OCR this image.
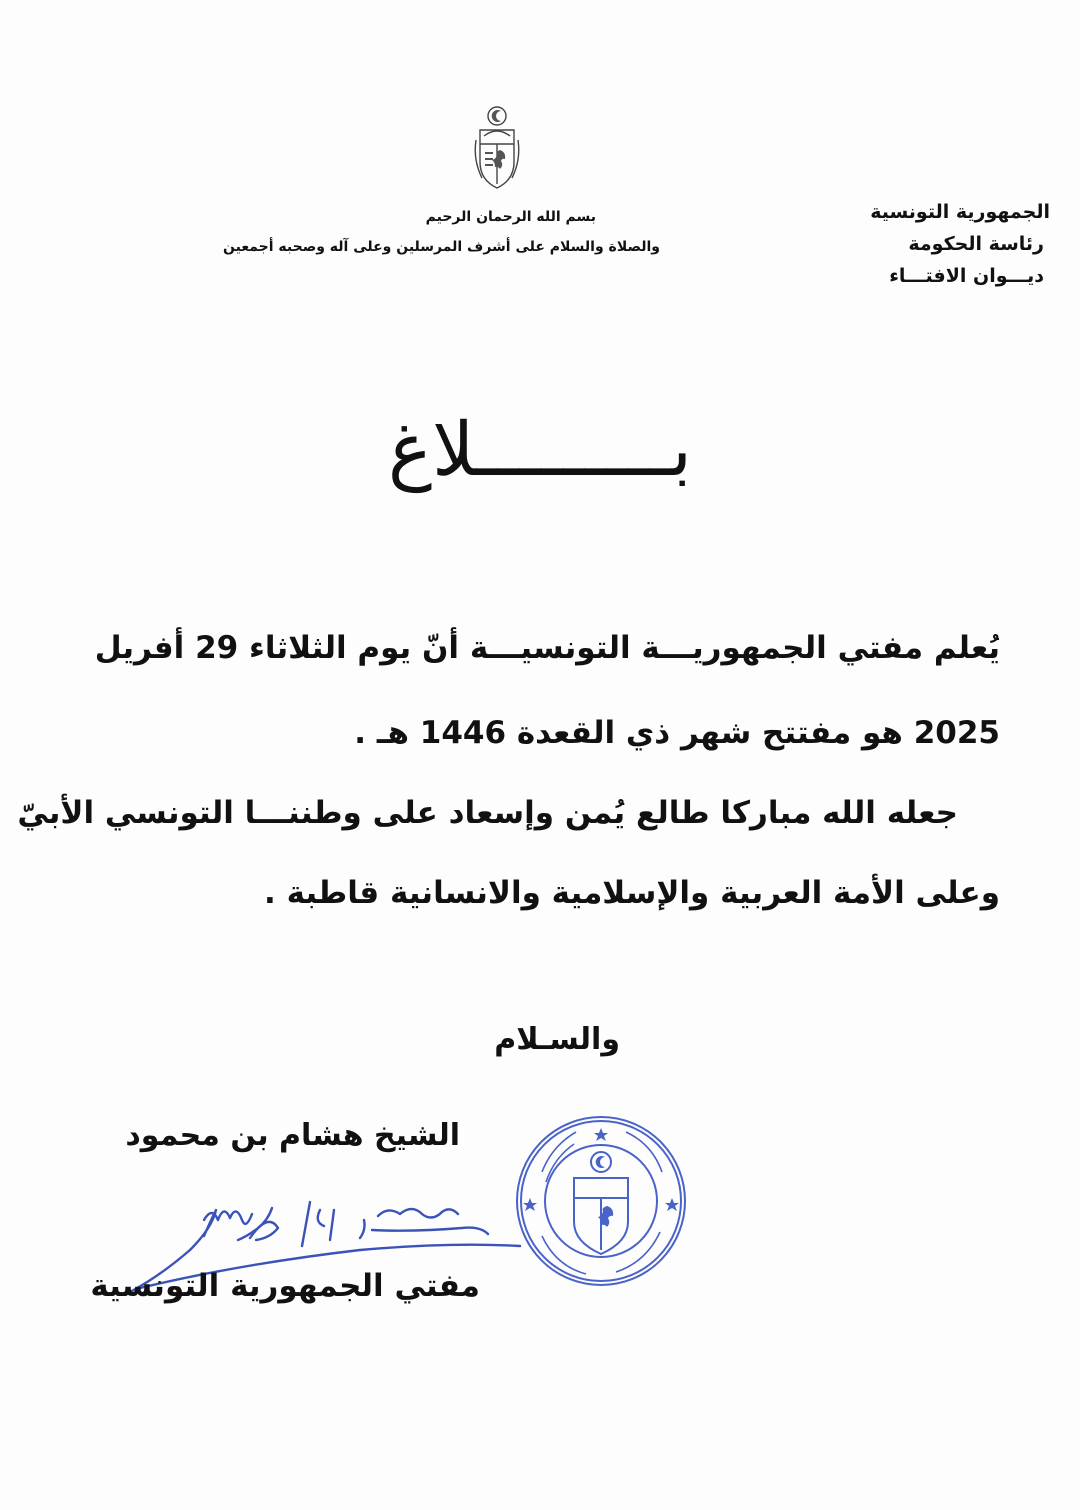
الجمهورية التونسية
رئاسة الحكومة
ديـــوان الافتـــاء
بسم الله الرحمان الرحيم
والصلاة والسلام على أشرف المرسلين وعلى آله وصحبه أجمعين
بـــــــــلاغ
يُعلم مفتي الجمهوريـــة التونسيـــة أنّ يوم الثلاثاء 29 أفريل
2025 هو مفتتح شهر ذي القعدة 1446 هـ .
جعله الله مباركا طالع يُمن وإسعاد على وطننـــا التونسي الأبيّ
وعلى الأمة العربية والإسلامية والانسانية قاطبة .
والسـلام
الشيخ هشام بن محمود
مفتي الجمهورية التونسية
